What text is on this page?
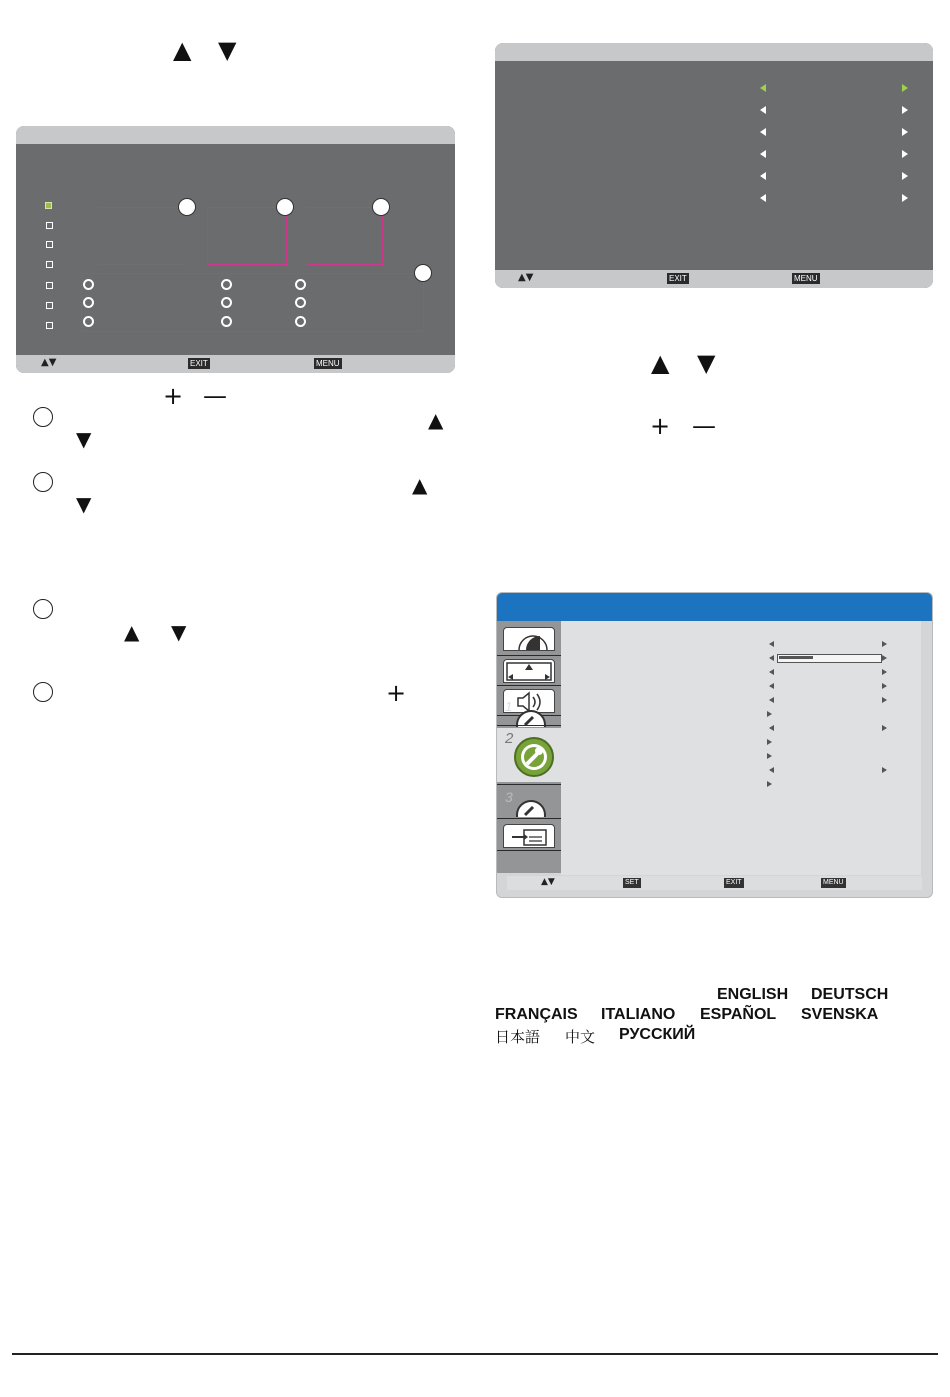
▲ ▼
▲▼	EXIT	MENU
+ —
▲
▼
▲
▼
▲ ▼
+
▲▼	EXIT	MENU
▲ ▼
+ —
1
2
3
▲▼	SET	EXIT	MENU
ENGLISH DEUTSCH
FRANÇAIS ITALIANO ESPAÑOL SVENSKA
日本語 中文 РУССКИЙ
